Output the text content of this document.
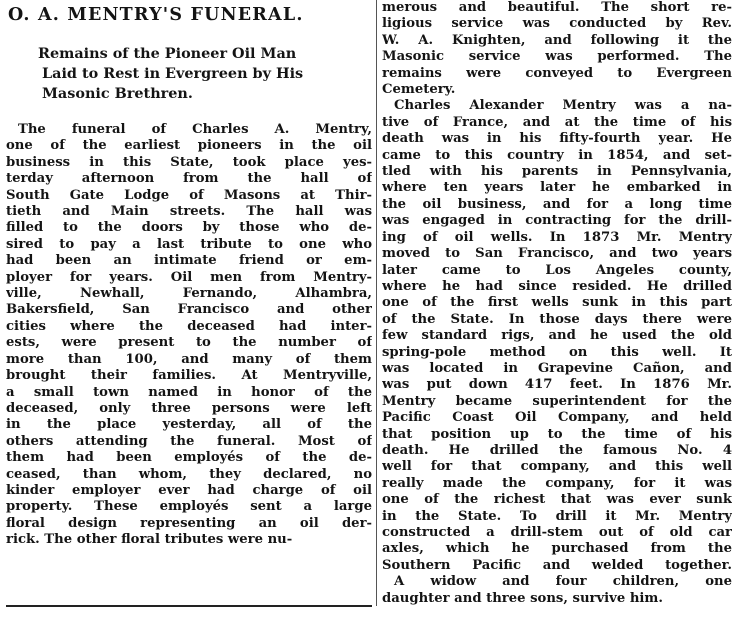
O. A. MENTRY'S FUNERAL.
Remains of the Pioneer Oil Man
Laid to Rest in Evergreen by His
Masonic Brethren.
The funeral of Charles A. Mentry,
one of the earliest pioneers in the oil
business in this State, took place yes-
terday afternoon from the hall of
South Gate Lodge of Masons at Thir-
tieth and Main streets. The hall was
filled to the doors by those who de-
sired to pay a last tribute to one who
had been an intimate friend or em-
ployer for years. Oil men from Mentry-
ville, Newhall, Fernando, Alhambra,
Bakersfield, San Francisco and other
cities where the deceased had inter-
ests, were present to the number of
more than 100, and many of them
brought their families. At Mentryville,
a small town named in honor of the
deceased, only three persons were left
in the place yesterday, all of the
others attending the funeral. Most of
them had been employés of the de-
ceased, than whom, they declared, no
kinder employer ever had charge of oil
property. These employés sent a large
floral design representing an oil der-
rick. The other floral tributes were nu-
merous and beautiful. The short re-
ligious service was conducted by Rev.
W. A. Knighten, and following it the
Masonic service was performed. The
remains were conveyed to Evergreen
Cemetery.
Charles Alexander Mentry was a na-
tive of France, and at the time of his
death was in his fifty-fourth year. He
came to this country in 1854, and set-
tled with his parents in Pennsylvania,
where ten years later he embarked in
the oil business, and for a long time
was engaged in contracting for the drill-
ing of oil wells. In 1873 Mr. Mentry
moved to San Francisco, and two years
later came to Los Angeles county,
where he had since resided. He drilled
one of the first wells sunk in this part
of the State. In those days there were
few standard rigs, and he used the old
spring-pole method on this well. It
was located in Grapevine Cañon, and
was put down 417 feet. In 1876 Mr.
Mentry became superintendent for the
Pacific Coast Oil Company, and held
that position up to the time of his
death. He drilled the famous No. 4
well for that company, and this well
really made the company, for it was
one of the richest that was ever sunk
in the State. To drill it Mr. Mentry
constructed a drill-stem out of old car
axles, which he purchased from the
Southern Pacific and welded together.
A widow and four children, one
daughter and three sons, survive him.
